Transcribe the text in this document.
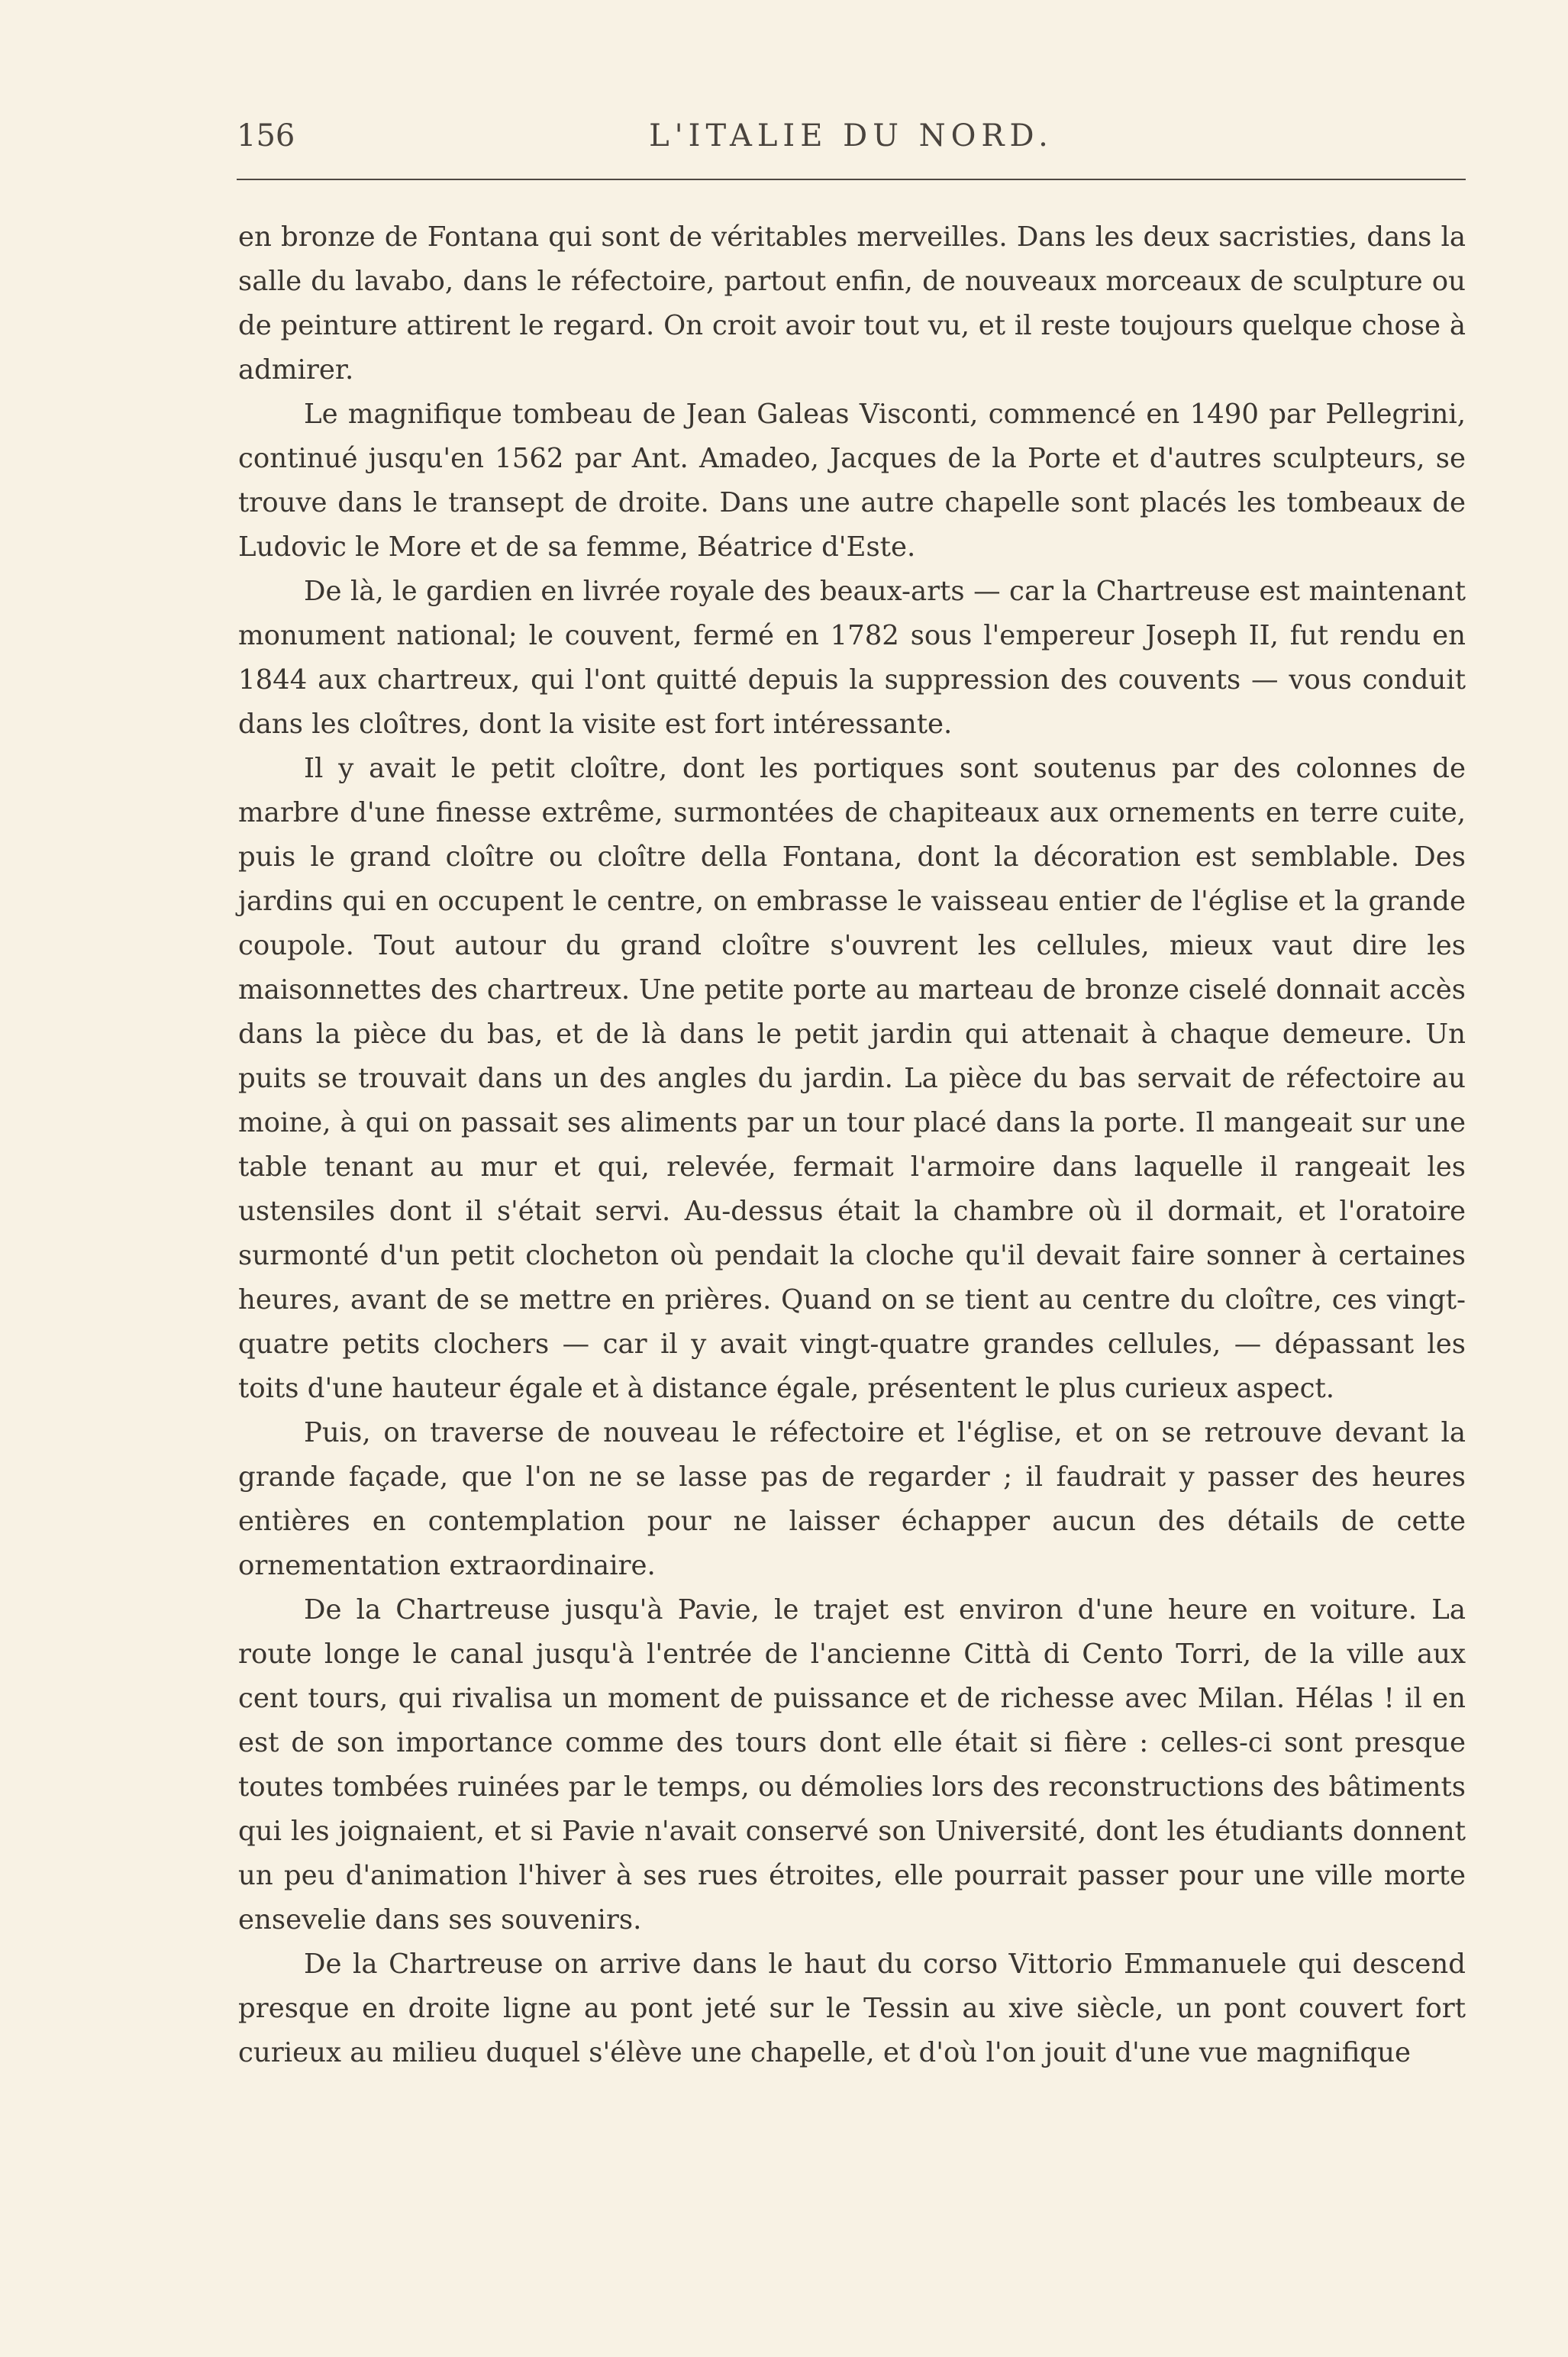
156	L'ITALIE DU NORD.

en bronze de Fontana qui sont de véritables merveilles. Dans les deux sacristies, dans la salle du lavabo, dans le réfectoire, partout enfin, de nouveaux morceaux de sculpture ou de peinture attirent le regard. On croit avoir tout vu, et il reste toujours quelque chose à admirer.

Le magnifique tombeau de Jean Galeas Visconti, commencé en 1490 par Pellegrini, continué jusqu'en 1562 par Ant. Amadeo, Jacques de la Porte et d'autres sculpteurs, se trouve dans le transept de droite. Dans une autre chapelle sont placés les tombeaux de Ludovic le More et de sa femme, Béatrice d'Este.

De là, le gardien en livrée royale des beaux-arts — car la Chartreuse est maintenant monument national; le couvent, fermé en 1782 sous l'empereur Joseph II, fut rendu en 1844 aux chartreux, qui l'ont quitté depuis la suppression des couvents — vous conduit dans les cloîtres, dont la visite est fort intéressante.

Il y avait le petit cloître, dont les portiques sont soutenus par des colonnes de marbre d'une finesse extrême, surmontées de chapiteaux aux ornements en terre cuite, puis le grand cloître ou cloître della Fontana, dont la décoration est semblable. Des jardins qui en occupent le centre, on embrasse le vaisseau entier de l'église et la grande coupole. Tout autour du grand cloître s'ouvrent les cellules, mieux vaut dire les maisonnettes des chartreux. Une petite porte au marteau de bronze ciselé donnait accès dans la pièce du bas, et de là dans le petit jardin qui attenait à chaque demeure. Un puits se trouvait dans un des angles du jardin. La pièce du bas servait de réfectoire au moine, à qui on passait ses aliments par un tour placé dans la porte. Il mangeait sur une table tenant au mur et qui, relevée, fermait l'armoire dans laquelle il rangeait les ustensiles dont il s'était servi. Au-dessus était la chambre où il dormait, et l'oratoire surmonté d'un petit clocheton où pendait la cloche qu'il devait faire sonner à certaines heures, avant de se mettre en prières. Quand on se tient au centre du cloître, ces vingt-quatre petits clochers — car il y avait vingt-quatre grandes cellules, — dépassant les toits d'une hauteur égale et à distance égale, présentent le plus curieux aspect.

Puis, on traverse de nouveau le réfectoire et l'église, et on se retrouve devant la grande façade, que l'on ne se lasse pas de regarder ; il faudrait y passer des heures entières en contemplation pour ne laisser échapper aucun des détails de cette ornementation extraordinaire.

De la Chartreuse jusqu'à Pavie, le trajet est environ d'une heure en voiture. La route longe le canal jusqu'à l'entrée de l'ancienne Città di Cento Torri, de la ville aux cent tours, qui rivalisa un moment de puissance et de richesse avec Milan. Hélas ! il en est de son importance comme des tours dont elle était si fière : celles-ci sont presque toutes tombées ruinées par le temps, ou démolies lors des reconstructions des bâtiments qui les joignaient, et si Pavie n'avait conservé son Université, dont les étudiants donnent un peu d'animation l'hiver à ses rues étroites, elle pourrait passer pour une ville morte ensevelie dans ses souvenirs.

De la Chartreuse on arrive dans le haut du corso Vittorio Emmanuele qui descend presque en droite ligne au pont jeté sur le Tessin au xive siècle, un pont couvert fort curieux au milieu duquel s'élève une chapelle, et d'où l'on jouit d'une vue magnifique
